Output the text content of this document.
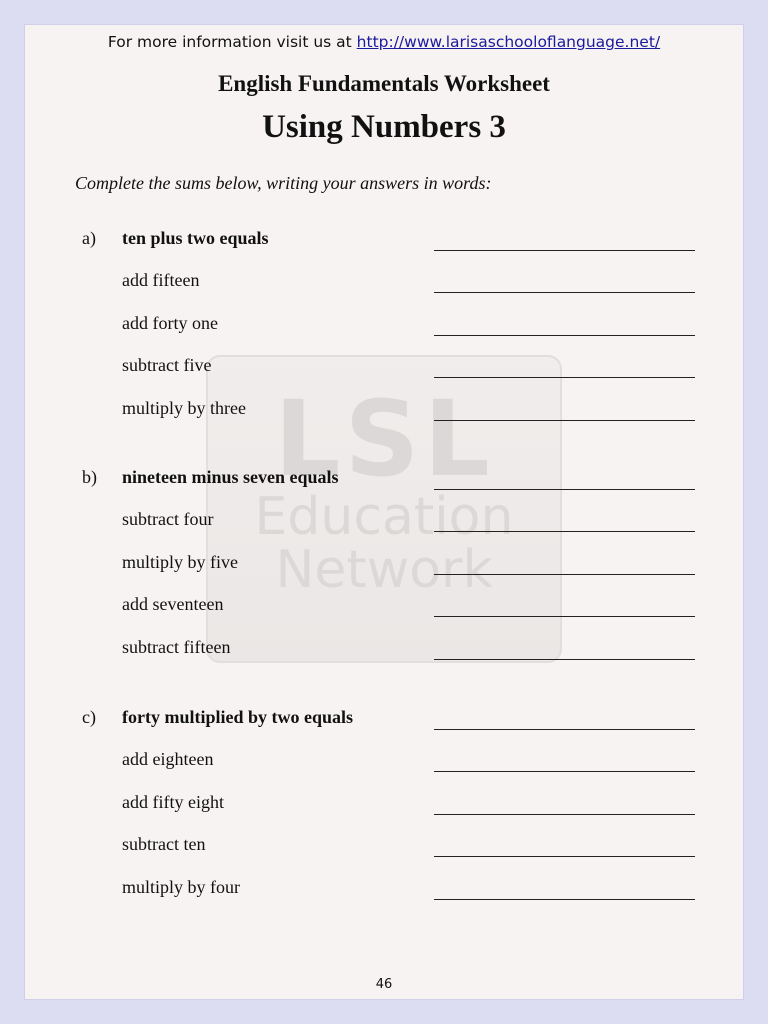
For more information visit us at http://www.larisaschooloflanguage.net/
English Fundamentals Worksheet
Using Numbers 3
Complete the sums below, writing your answers in words:
LSL
Education
Network
a) ten plus two equals
add fifteen
add forty one
subtract five
multiply by three
b) nineteen minus seven equals
subtract four
multiply by five
add seventeen
subtract fifteen
c) forty multiplied by two equals
add eighteen
add fifty eight
subtract ten
multiply by four
46
